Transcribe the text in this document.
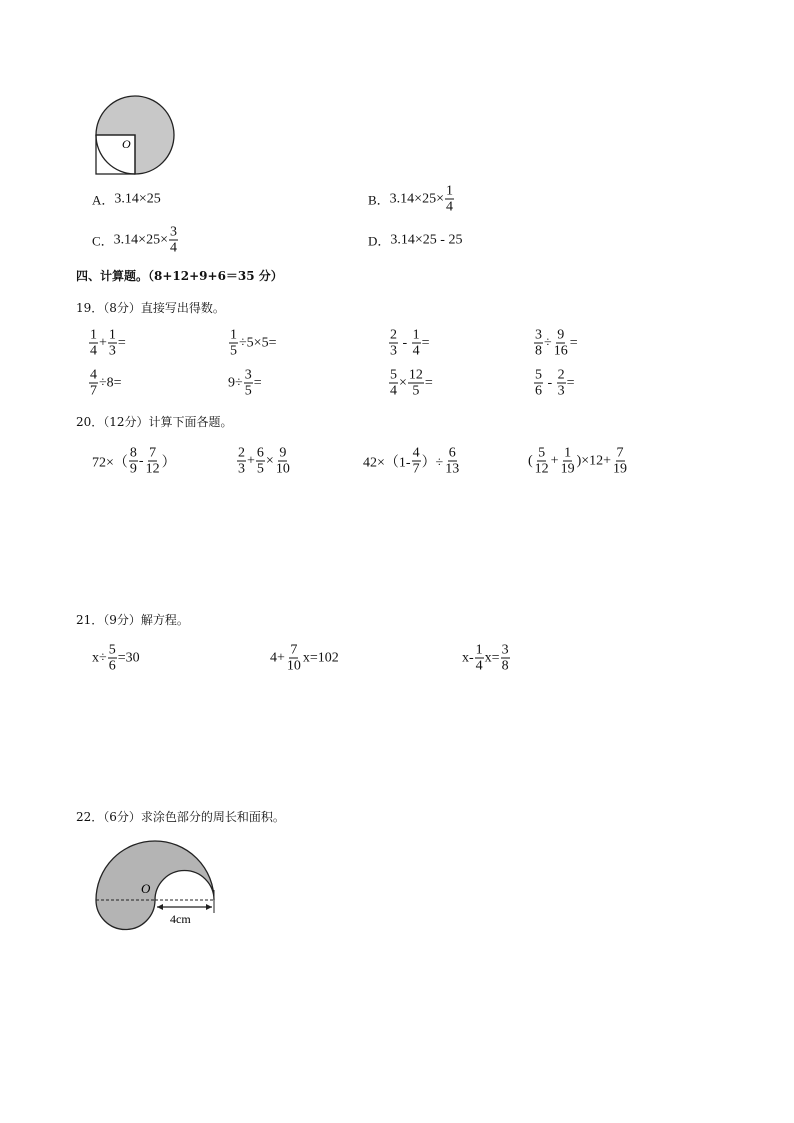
O
A． 3.14×25	B． $3.14\times 25\times \frac{1}{4}$
C． $3.14\times 25\times \frac{3}{4}$	D． 3.14×25 - 25
四、计算题。（8+12+9+6＝35 分）
19．（8分）直接写出得数。
$\frac{1}{4} + \frac{1}{3}$ =	$\frac{1}{5} \div 5\times 5=$	$\frac{2}{3} - \frac{1}{4}$ =	$\frac{3}{8} \div \frac{9}{16}$ =
$\frac{4}{7} \div 8=$	$9\div \frac{3}{5}$ =	$\frac{5}{4} \times \frac{12}{5}$ =	$\frac{5}{6} - \frac{2}{3}$ =
20．（12分）计算下面各题。
$72\times( \frac{8}{9} - \frac{7}{12}$ ）	$\frac{2}{3} + \frac{6}{5} \times \frac{9}{10}$	$42\times(1- \frac{4}{7}$ ）÷ $\frac{6}{13}$	( $\frac{5}{12} + \frac{1}{19} )\times 12+ \frac{7}{19}$
21．（9分）解方程。
$x\div \frac{5}{6} =30$	$4+ \frac{7}{10} x=102$	$x- \frac{1}{4} x= \frac{3}{8}$
22．（6分）求涂色部分的周长和面积。
O
4cm
